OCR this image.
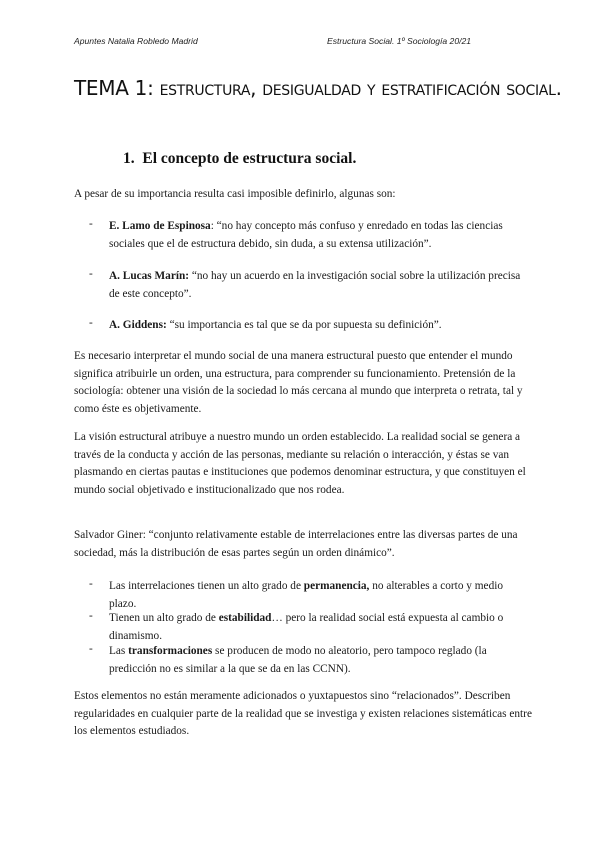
Apuntes Natalia Robledo Madrid	Estructura Social. 1º Sociología 20/21
TEMA 1: estructura, desigualdad y estratificación social.
1. El concepto de estructura social.

A pesar de su importancia resulta casi imposible definirlo, algunas son:

- E. Lamo de Espinosa: “no hay concepto más confuso y enredado en todas las ciencias sociales que el de estructura debido, sin duda, a su extensa utilización”.

- A. Lucas Marín: “no hay un acuerdo en la investigación social sobre la utilización precisa de este concepto”.

- A. Giddens: “su importancia es tal que se da por supuesta su definición”.

Es necesario interpretar el mundo social de una manera estructural puesto que entender el mundo significa atribuirle un orden, una estructura, para comprender su funcionamiento. Pretensión de la sociología: obtener una visión de la sociedad lo más cercana al mundo que interpreta o retrata, tal y como éste es objetivamente.

La visión estructural atribuye a nuestro mundo un orden establecido. La realidad social se genera a través de la conducta y acción de las personas, mediante su relación o interacción, y éstas se van plasmando en ciertas pautas e instituciones que podemos denominar estructura, y que constituyen el mundo social objetivado e institucionalizado que nos rodea.

Salvador Giner: “conjunto relativamente estable de interrelaciones entre las diversas partes de una sociedad, más la distribución de esas partes según un orden dinámico”.

- Las interrelaciones tienen un alto grado de permanencia, no alterables a corto y medio plazo.

- Tienen un alto grado de estabilidad… pero la realidad social está expuesta al cambio o dinamismo.

- Las transformaciones se producen de modo no aleatorio, pero tampoco reglado (la predicción no es similar a la que se da en las CCNN).

Estos elementos no están meramente adicionados o yuxtapuestos sino “relacionados”. Describen regularidades en cualquier parte de la realidad que se investiga y existen relaciones sistemáticas entre los elementos estudiados.
